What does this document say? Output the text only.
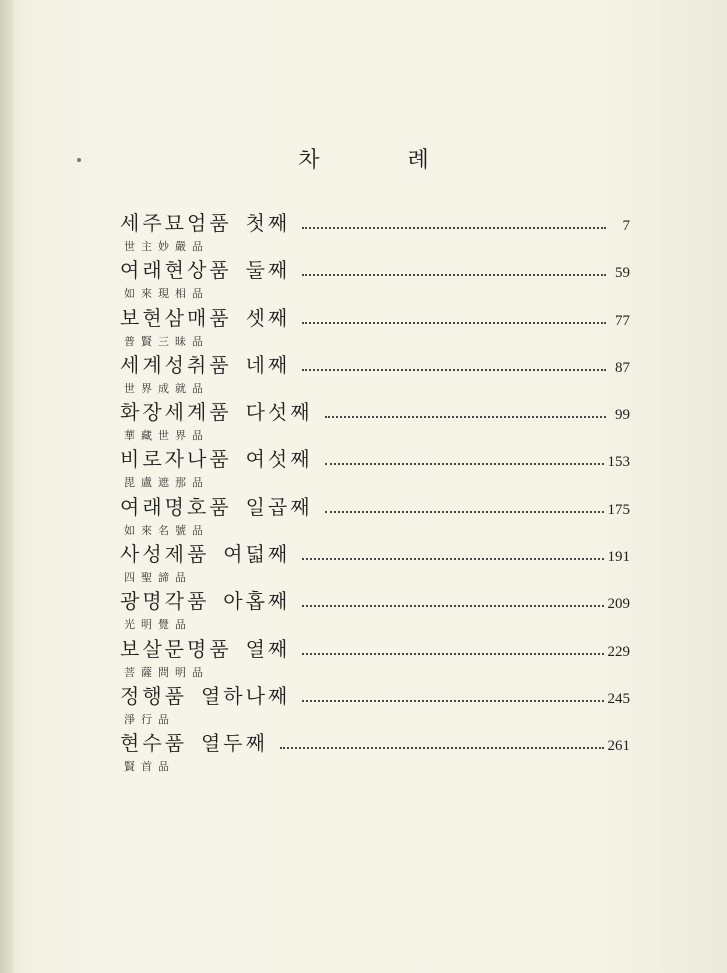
차	례
세주묘엄품 첫째	7
世主妙嚴品
여래현상품 둘째	59
如來現相品
보현삼매품 셋째	77
普賢三昧品
세계성취품 네째	87
世界成就品
화장세계품 다섯째	99
華藏世界品
비로자나품 여섯째	153
毘盧遮那品
여래명호품 일곱째	175
如來名號品
사성제품 여덟째	191
四聖諦品
광명각품 아홉째	209
光明覺品
보살문명품 열째	229
菩薩問明品
정행품 열하나째	245
淨行品
현수품 열두째	261
賢首品
